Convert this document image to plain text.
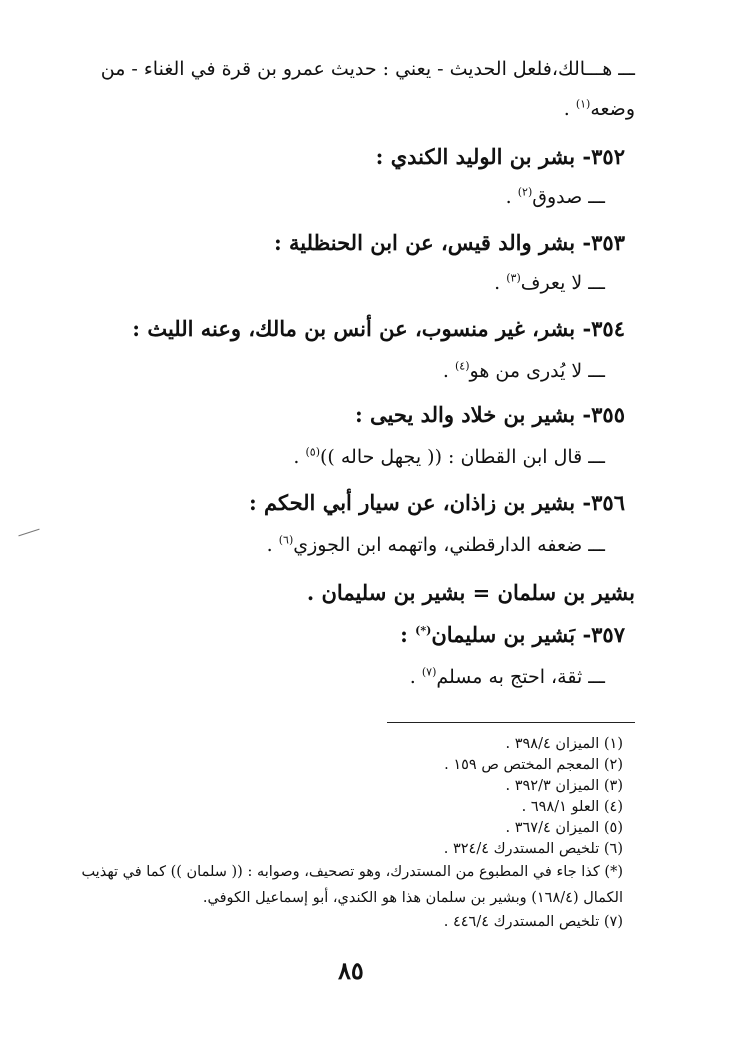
ـــ هـــالك،فلعل الحديث - يعني : حديث عمرو بن قرة في الغناء - من
وضعه$^{(١)}$ .
٣٥٢- بشر بن الوليد الكندي :
ـــ صدوق$^{(٢)}$ .
٣٥٣- بشر والد قيس، عن ابن الحنظلية :
ـــ لا يعرف$^{(٣)}$ .
٣٥٤- بشر، غير منسوب، عن أنس بن مالك، وعنه الليث :
ـــ لا يُدرى من هو$^{(٤)}$ .
٣٥٥- بشير بن خلاد والد يحيى :
ـــ قال ابن القطان : (( يجهل حاله ))$^{(٥)}$ .
٣٥٦- بشير بن زاذان، عن سيار أبي الحكم :
ـــ ضعفه الدارقطني، واتهمه ابن الجوزي$^{(٦)}$ .
بشير بن سلمان = بشير بن سليمان .
٣٥٧- بَشير بن سليمان(*) :
ـــ ثقة، احتج به مسلم$^{(٧)}$ .
(١) الميزان ٣٩٨/٤ .
(٢) المعجم المختص ص ١٥٩ .
(٣) الميزان ٣٩٢/٣ .
(٤) العلو ٦٩٨/١ .
(٥) الميزان ٣٦٧/٤ .
(٦) تلخيص المستدرك ٣٢٤/٤ .
(*) كذا جاء في المطبوع من المستدرك، وهو تصحيف، وصوابه : (( سلمان )) كما في تهذيب
الكمال (١٦٨/٤) وبشير بن سلمان هذا هو الكندي، أبو إسماعيل الكوفي.
(٧) تلخيص المستدرك ٤٤٦/٤ .
٨٥
